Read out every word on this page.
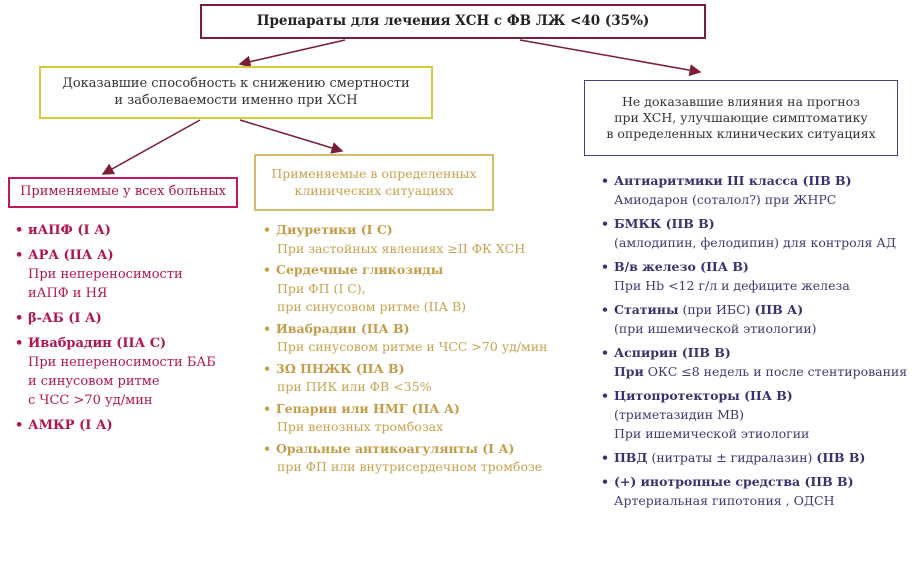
Препараты для лечения ХСН с ФВ ЛЖ <40 (35%)
Доказавшие способность к снижению смертности
и заболеваемости именно при ХСН	Не доказавшие влияния на прогноз
при ХСН, улучшающие симптоматику
в определенных клинических ситуациях
Применяемые у всех больных
Применяемые в определенных
клинических ситуациях
• иАПФ (I А)
• АРА (IIА А)
При непереносимости
иАПФ и НЯ
• β-АБ (I А)
• Ивабрадин (IIА С)
При непереносимости БАБ
и синусовом ритме
с ЧСС >70 уд/мин
• АМКР (I А)
• Диуретики (I С)
При застойных явлениях ≥II ФК ХСН
• Сердечные гликозиды
При ФП (I С),
при синусовом ритме (IIА В)
• Ивабрадин (IIА В)
При синусовом ритме и ЧСС >70 уд/мин
• 3Ω ПНЖК (IIА В)
при ПИК или ФВ <35%
• Гепарин или НМГ (IIА А)
При венозных тромбозах
• Оральные антикоагулянты (I А)
при ФП или внутрисердечном тромбозе
• Антиаритмики III класса (IIВ В)
Амиодарон (соталол?) при ЖНРС
• БМКК (IIВ В)
(амлодипин, фелодипин) для контроля АД
• В/в железо (IIА В)
При Hb <12 г/л и дефиците железа
• Статины (при ИБС) (IIВ А)
(при ишемической этиологии)
• Аспирин (IIВ В)
При ОКС ≤8 недель и после стентирования
• Цитопротекторы (IIА В)
(триметазидин МВ)
При ишемической этиологии
• ПВД (нитраты ± гидралазин) (IIВ В)
• (+) инотропные средства (IIВ В)
Артериальная гипотония , ОДСН
